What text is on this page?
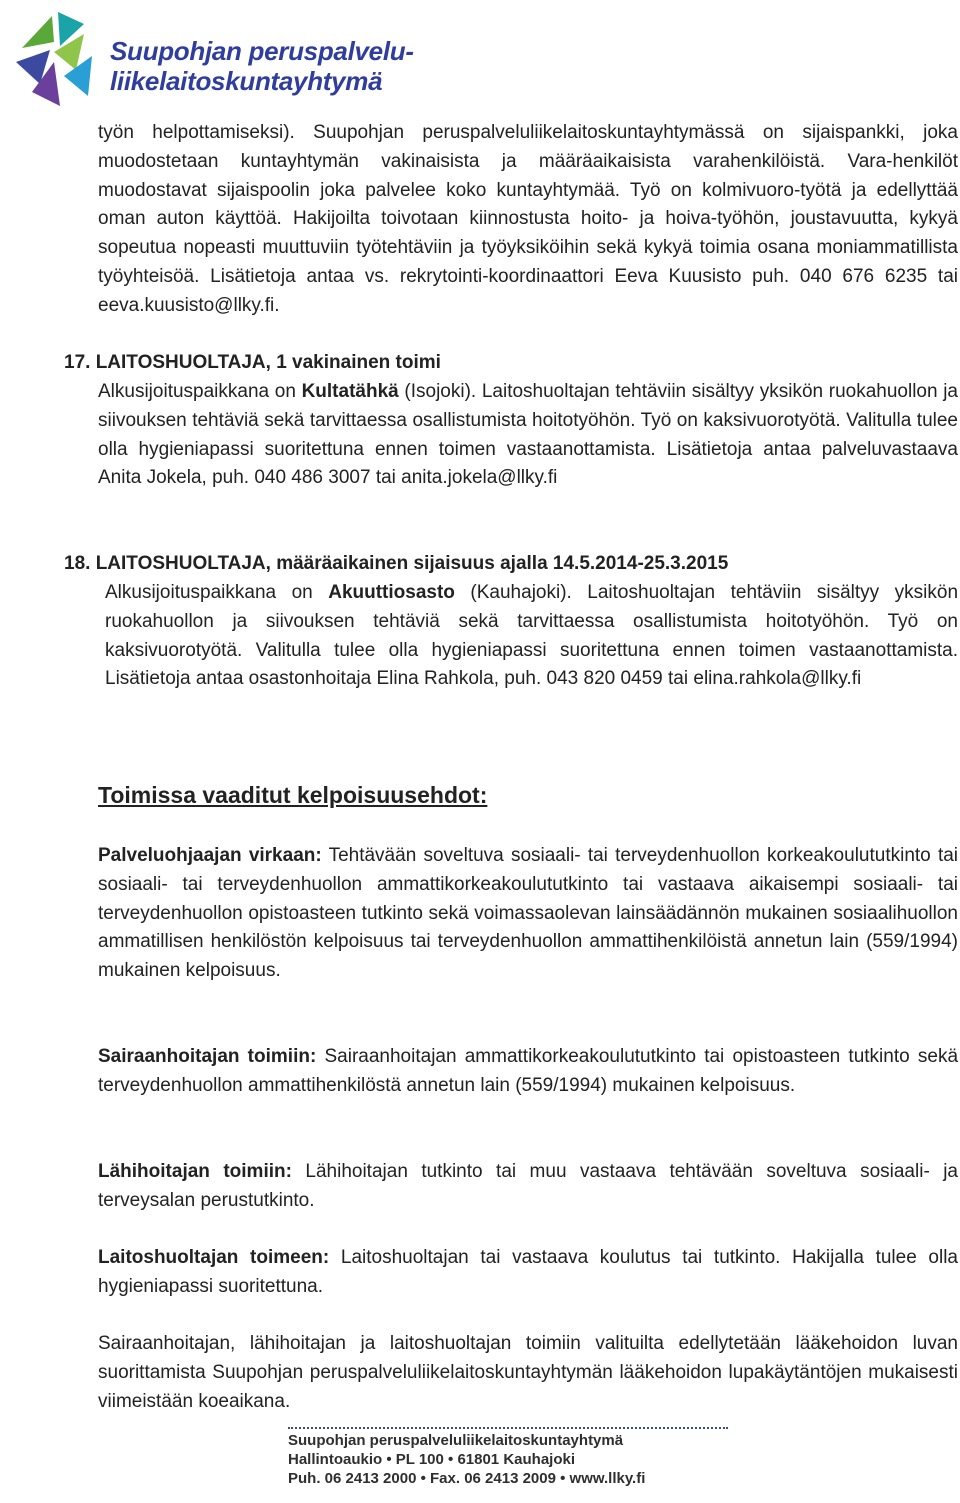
Suupohjan peruspalvelu-
liikelaitoskuntayhtymä

työn helpottamiseksi). Suupohjan peruspalveluliikelaitoskuntayhtymässä on sijaispankki, joka muodostetaan kuntayhtymän vakinaisista ja määräaikaisista varahenkilöistä. Vara-henkilöt muodostavat sijaispoolin joka palvelee koko kuntayhtymää. Työ on kolmivuoro-työtä ja edellyttää oman auton käyttöä. Hakijoilta toivotaan kiinnostusta hoito- ja hoiva-työhön, joustavuutta, kykyä sopeutua nopeasti muuttuviin työtehtäviin ja työyksiköihin sekä kykyä toimia osana moniammatillista työyhteisöä. Lisätietoja antaa vs. rekrytointi-koordinaattori Eeva Kuusisto puh. 040 676 6235 tai eeva.kuusisto@llky.fi.

17. LAITOSHUOLTAJA, 1 vakinainen toimi

Alkusijoituspaikkana on Kultatähkä (Isojoki). Laitoshuoltajan tehtäviin sisältyy yksikön ruokahuollon ja siivouksen tehtäviä sekä tarvittaessa osallistumista hoitotyöhön. Työ on kaksivuorotyötä. Valitulla tulee olla hygieniapassi suoritettuna ennen toimen vastaanottamista. Lisätietoja antaa palveluvastaava Anita Jokela, puh. 040 486 3007 tai anita.jokela@llky.fi

18. LAITOSHUOLTAJA, määräaikainen sijaisuus ajalla 14.5.2014-25.3.2015

Alkusijoituspaikkana on Akuuttiosasto (Kauhajoki). Laitoshuoltajan tehtäviin sisältyy yksikön ruokahuollon ja siivouksen tehtäviä sekä tarvittaessa osallistumista hoitotyöhön. Työ on kaksivuorotyötä. Valitulla tulee olla hygieniapassi suoritettuna ennen toimen vastaanottamista. Lisätietoja antaa osastonhoitaja Elina Rahkola, puh. 043 820 0459 tai elina.rahkola@llky.fi

Toimissa vaaditut kelpoisuusehdot:

Palveluohjaajan virkaan: Tehtävään soveltuva sosiaali- tai terveydenhuollon korkeakoulututkinto tai sosiaali- tai terveydenhuollon ammattikorkeakoulututkinto tai vastaava aikaisempi sosiaali- tai terveydenhuollon opistoasteen tutkinto sekä voimassaolevan lainsäädännön mukainen sosiaalihuollon ammatillisen henkilöstön kelpoisuus tai terveydenhuollon ammattihenkilöistä annetun lain (559/1994) mukainen kelpoisuus.

Sairaanhoitajan toimiin: Sairaanhoitajan ammattikorkeakoulututkinto tai opistoasteen tutkinto sekä terveydenhuollon ammattihenkilöstä annetun lain (559/1994) mukainen kelpoisuus.

Lähihoitajan toimiin: Lähihoitajan tutkinto tai muu vastaava tehtävään soveltuva sosiaali- ja terveysalan perustutkinto.

Laitoshuoltajan toimeen: Laitoshuoltajan tai vastaava koulutus tai tutkinto. Hakijalla tulee olla hygieniapassi suoritettuna.

Sairaanhoitajan, lähihoitajan ja laitoshuoltajan toimiin valituilta edellytetään lääkehoidon luvan suorittamista Suupohjan peruspalveluliikelaitoskuntayhtymän lääkehoidon lupakäytäntöjen mukaisesti viimeistään koeaikana.

Suupohjan peruspalveluliikelaitoskuntayhtymä
Hallintoaukio • PL 100 • 61801 Kauhajoki
Puh. 06 2413 2000 • Fax. 06 2413 2009 • www.llky.fi
